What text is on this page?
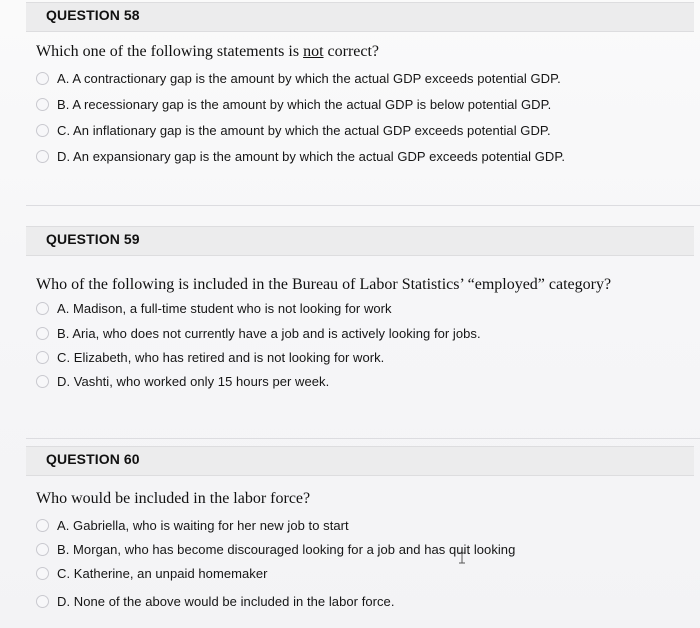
QUESTION 58
Which one of the following statements is not correct?
A. A contractionary gap is the amount by which the actual GDP exceeds potential GDP.
B. A recessionary gap is the amount by which the actual GDP is below potential GDP.
C. An inflationary gap is the amount by which the actual GDP exceeds potential GDP.
D. An expansionary gap is the amount by which the actual GDP exceeds potential GDP.
QUESTION 59
Who of the following is included in the Bureau of Labor Statistics’ “employed” category?
A. Madison, a full-time student who is not looking for work
B. Aria, who does not currently have a job and is actively looking for jobs.
C. Elizabeth, who has retired and is not looking for work.
D. Vashti, who worked only 15 hours per week.
QUESTION 60
Who would be included in the labor force?
A. Gabriella, who is waiting for her new job to start
B. Morgan, who has become discouraged looking for a job and has quit looking
C. Katherine, an unpaid homemaker
D. None of the above would be included in the labor force.
